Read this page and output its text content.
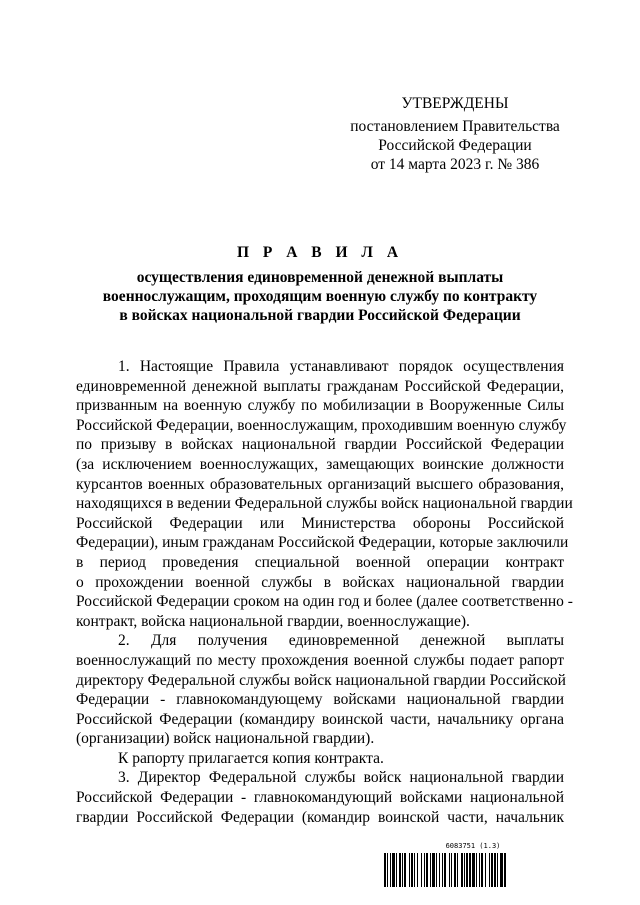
УТВЕРЖДЕНЫ
постановлением Правительства
Российской Федерации
от 14 марта 2023 г. № 386
П Р А В И Л А
осуществления единовременной денежной выплаты
военнослужащим, проходящим военную службу по контракту
в войсках национальной гвардии Российской Федерации
1. Настоящие Правила устанавливают порядок осуществления
единовременной денежной выплаты гражданам Российской Федерации,
призванным на военную службу по мобилизации в Вооруженные Силы
Российской Федерации, военнослужащим, проходившим военную службу
по призыву в войсках национальной гвардии Российской Федерации
(за исключением военнослужащих, замещающих воинские должности
курсантов военных образовательных организаций высшего образования,
находящихся в ведении Федеральной службы войск национальной гвардии
Российской Федерации или Министерства обороны Российской
Федерации), иным гражданам Российской Федерации, которые заключили
в период проведения специальной военной операции контракт
о прохождении военной службы в войсках национальной гвардии
Российской Федерации сроком на один год и более (далее соответственно -
контракт, войска национальной гвардии, военнослужащие).
2. Для получения единовременной денежной выплаты
военнослужащий по месту прохождения военной службы подает рапорт
директору Федеральной службы войск национальной гвардии Российской
Федерации - главнокомандующему войсками национальной гвардии
Российской Федерации (командиру воинской части, начальнику органа
(организации) войск национальной гвардии).
К рапорту прилагается копия контракта.
3. Директор Федеральной службы войск национальной гвардии
Российской Федерации - главнокомандующий войсками национальной
гвардии Российской Федерации (командир воинской части, начальник
6083751 (1.3)
